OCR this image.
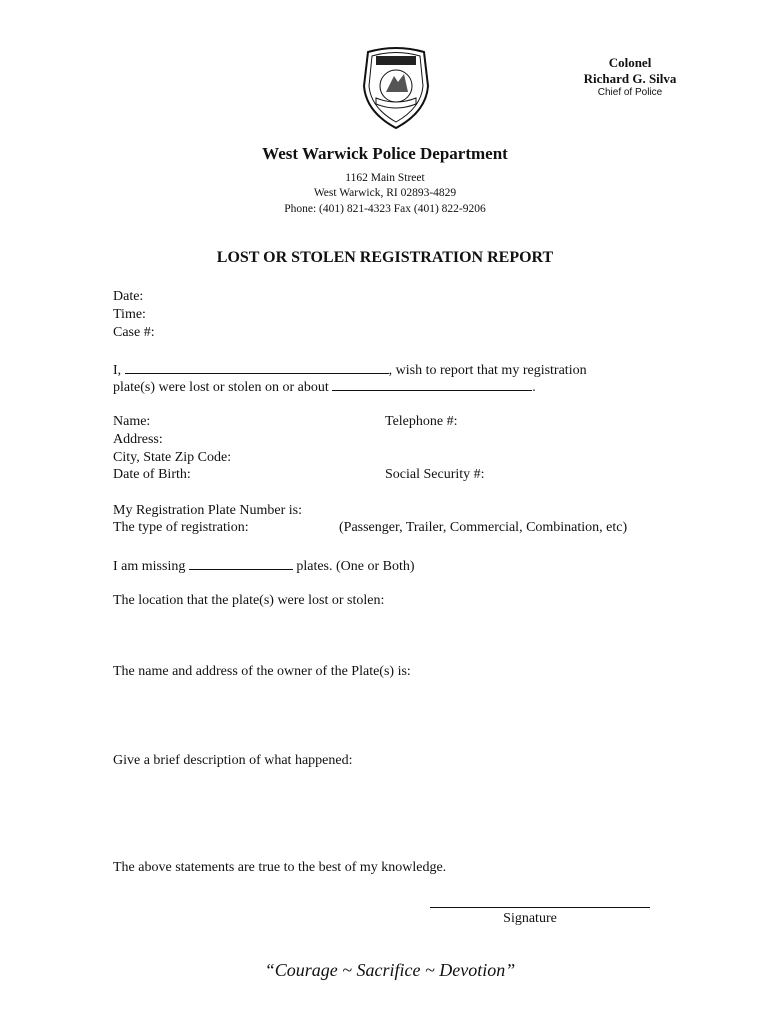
Colonel
Richard G. Silva
Chief of Police
West Warwick Police Department
1162 Main Street
West Warwick, RI 02893-4829
Phone: (401) 821-4323 Fax (401) 822-9206
LOST OR STOLEN REGISTRATION REPORT
Date:
Time:
Case #:
I,	, wish to report that my registration
plate(s) were lost or stolen on or about	.
Name:	Telephone #:
Address:
City, State Zip Code:
Date of Birth:	Social Security #:
My Registration Plate Number is:
The type of registration:	(Passenger, Trailer, Commercial, Combination, etc)
I am missing	plates. (One or Both)
The location that the plate(s) were lost or stolen:
The name and address of the owner of the Plate(s) is:
Give a brief description of what happened:
The above statements are true to the best of my knowledge.
Signature
“Courage ~ Sacrifice ~ Devotion”
